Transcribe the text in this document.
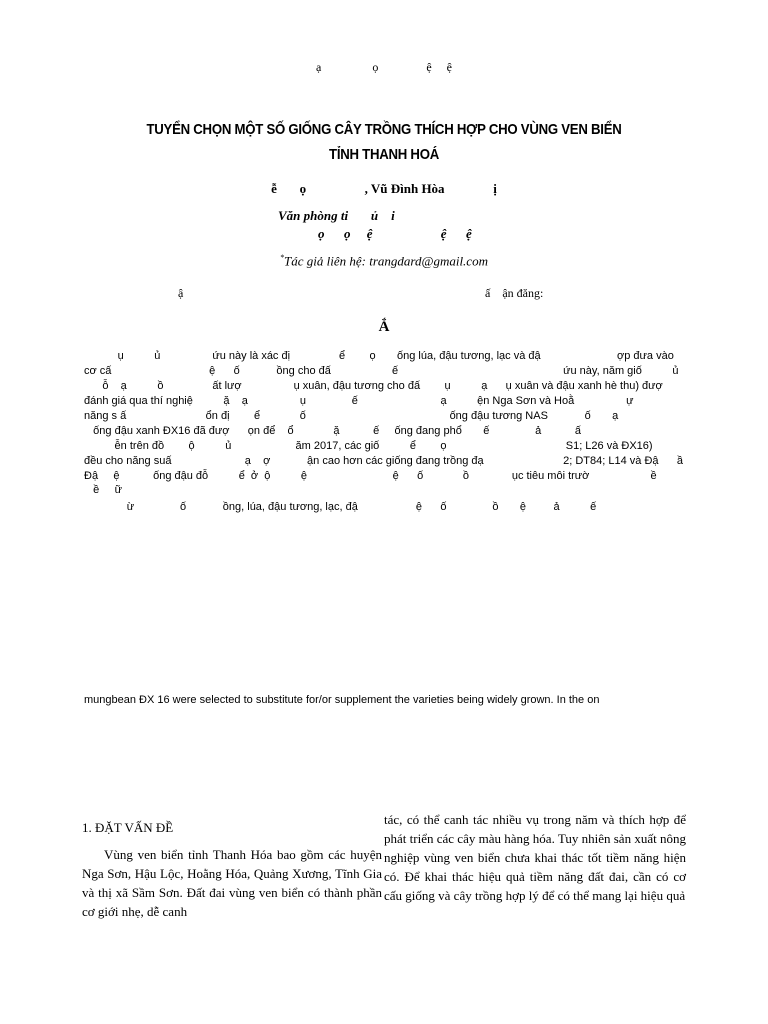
ạ                 ọ                ệ     ệ
TUYỂN CHỌN MỘT SỐ GIỐNG CÂY TRỒNG THÍCH HỢP CHO VÙNG VEN BIỂN
TỈNH THANH HOÁ
ễ       ọ                  , Vũ Đình Hòa               ị
Văn phòng ti       ủ    i
ọ      ọ     ệ                     ệ      ệ
*Tác giả liên hệ: trangdard@gmail.com
ậ	ấ    ận đăng:
Ắ
ụ          ủ                 ứu này là xác đị                ể        ọ       ống lúa, đậu tương, lạc và đậ                         ợp đưa vào
cơ cấ                                ệ      ố            ồng cho đấ                    ế                                                      ứu này, năm giố          ủ
ỗ    ạ          ồ                ất lượ                 ụ xuân, đậu tương cho đấ        ụ          ạ      ụ xuân và đậu xanh hè thu) đượ
đánh giá qua thí nghiệ          ặ    ạ                 ụ               ế                           ạ          ện Nga Sơn và Hoằ                 ự
năng s ấ                          ổn đị        ể             ố                                               ống đậu tương NAS            ố       ạ
ống đậu xanh ĐX16 đã đượ      ọn để    ổ             ặ           ế     ống đang phổ       ế               ả           ấ
ễn trên đồ        ộ          ủ                     ăm 2017, các giố          ể        ọ                                       S1; L26 và ĐX16)
đều cho năng suấ                        ạ    ợ            ận cao hơn các giống đang trồng đạ                          2; DT84; L14 và Đậ      ầ
Đậ     ệ           ống đậu đỗ          ể  ở  ộ          ệ                            ệ      ố             ồ              ục tiêu môi trườ                    ề
ề     ữ
ừ               ố            ồng, lúa, đậu tương, lạc, đậ                   ệ      ố               ồ       ệ         ả          ế
mungbean ĐX 16 were selected to substitute for/or supplement the varieties being widely grown. In the on
1. ĐẶT VẤN ĐỀ

Vùng ven biển tỉnh Thanh Hóa bao gồm các huyện Nga Sơn, Hậu Lộc, Hoằng Hóa, Quảng Xương, Tĩnh Gia và thị xã Sầm Sơn. Đất đai vùng ven biển có thành phần cơ giới nhẹ, dễ canh

tác, có thể canh tác nhiều vụ trong năm và thích hợp để phát triển các cây màu hàng hóa. Tuy nhiên sản xuất nông nghiệp vùng ven biển chưa khai thác tốt tiềm năng hiện có. Để khai thác hiệu quả tiềm năng đất đai, cần có cơ cấu giống và cây trồng hợp lý để có thể mang lại hiệu quả
